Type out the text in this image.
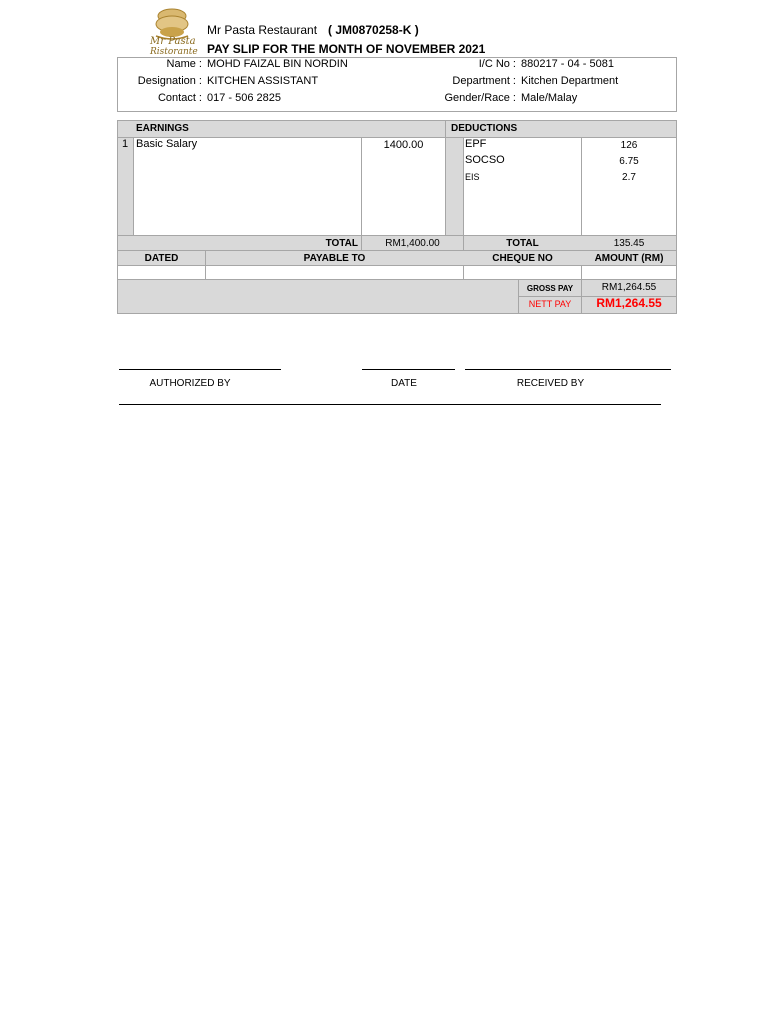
Mr Pasta
Ristorante
Mr Pasta Restaurant ( JM0870258-K )
PAY SLIP FOR THE MONTH OF NOVEMBER 2021
Name : MOHD FAIZAL BIN NORDIN
Designation : KITCHEN ASSISTANT
Contact : 017 - 506 2825
I/C No : 880217 - 04 - 5081
Department : Kitchen Department
Gender/Race : Male/Malay
EARNINGS	DEDUCTIONS
1 Basic Salary	1400.00	EPF	126
SOCSO	6.75
EIS	2.7
TOTAL	RM1,400.00	TOTAL	135.45
DATED	PAYABLE TO	CHEQUE NO	AMOUNT (RM)
GROSS PAY	RM1,264.55
NETT PAY	RM1,264.55
AUTHORIZED BY	DATE	RECEIVED BY
